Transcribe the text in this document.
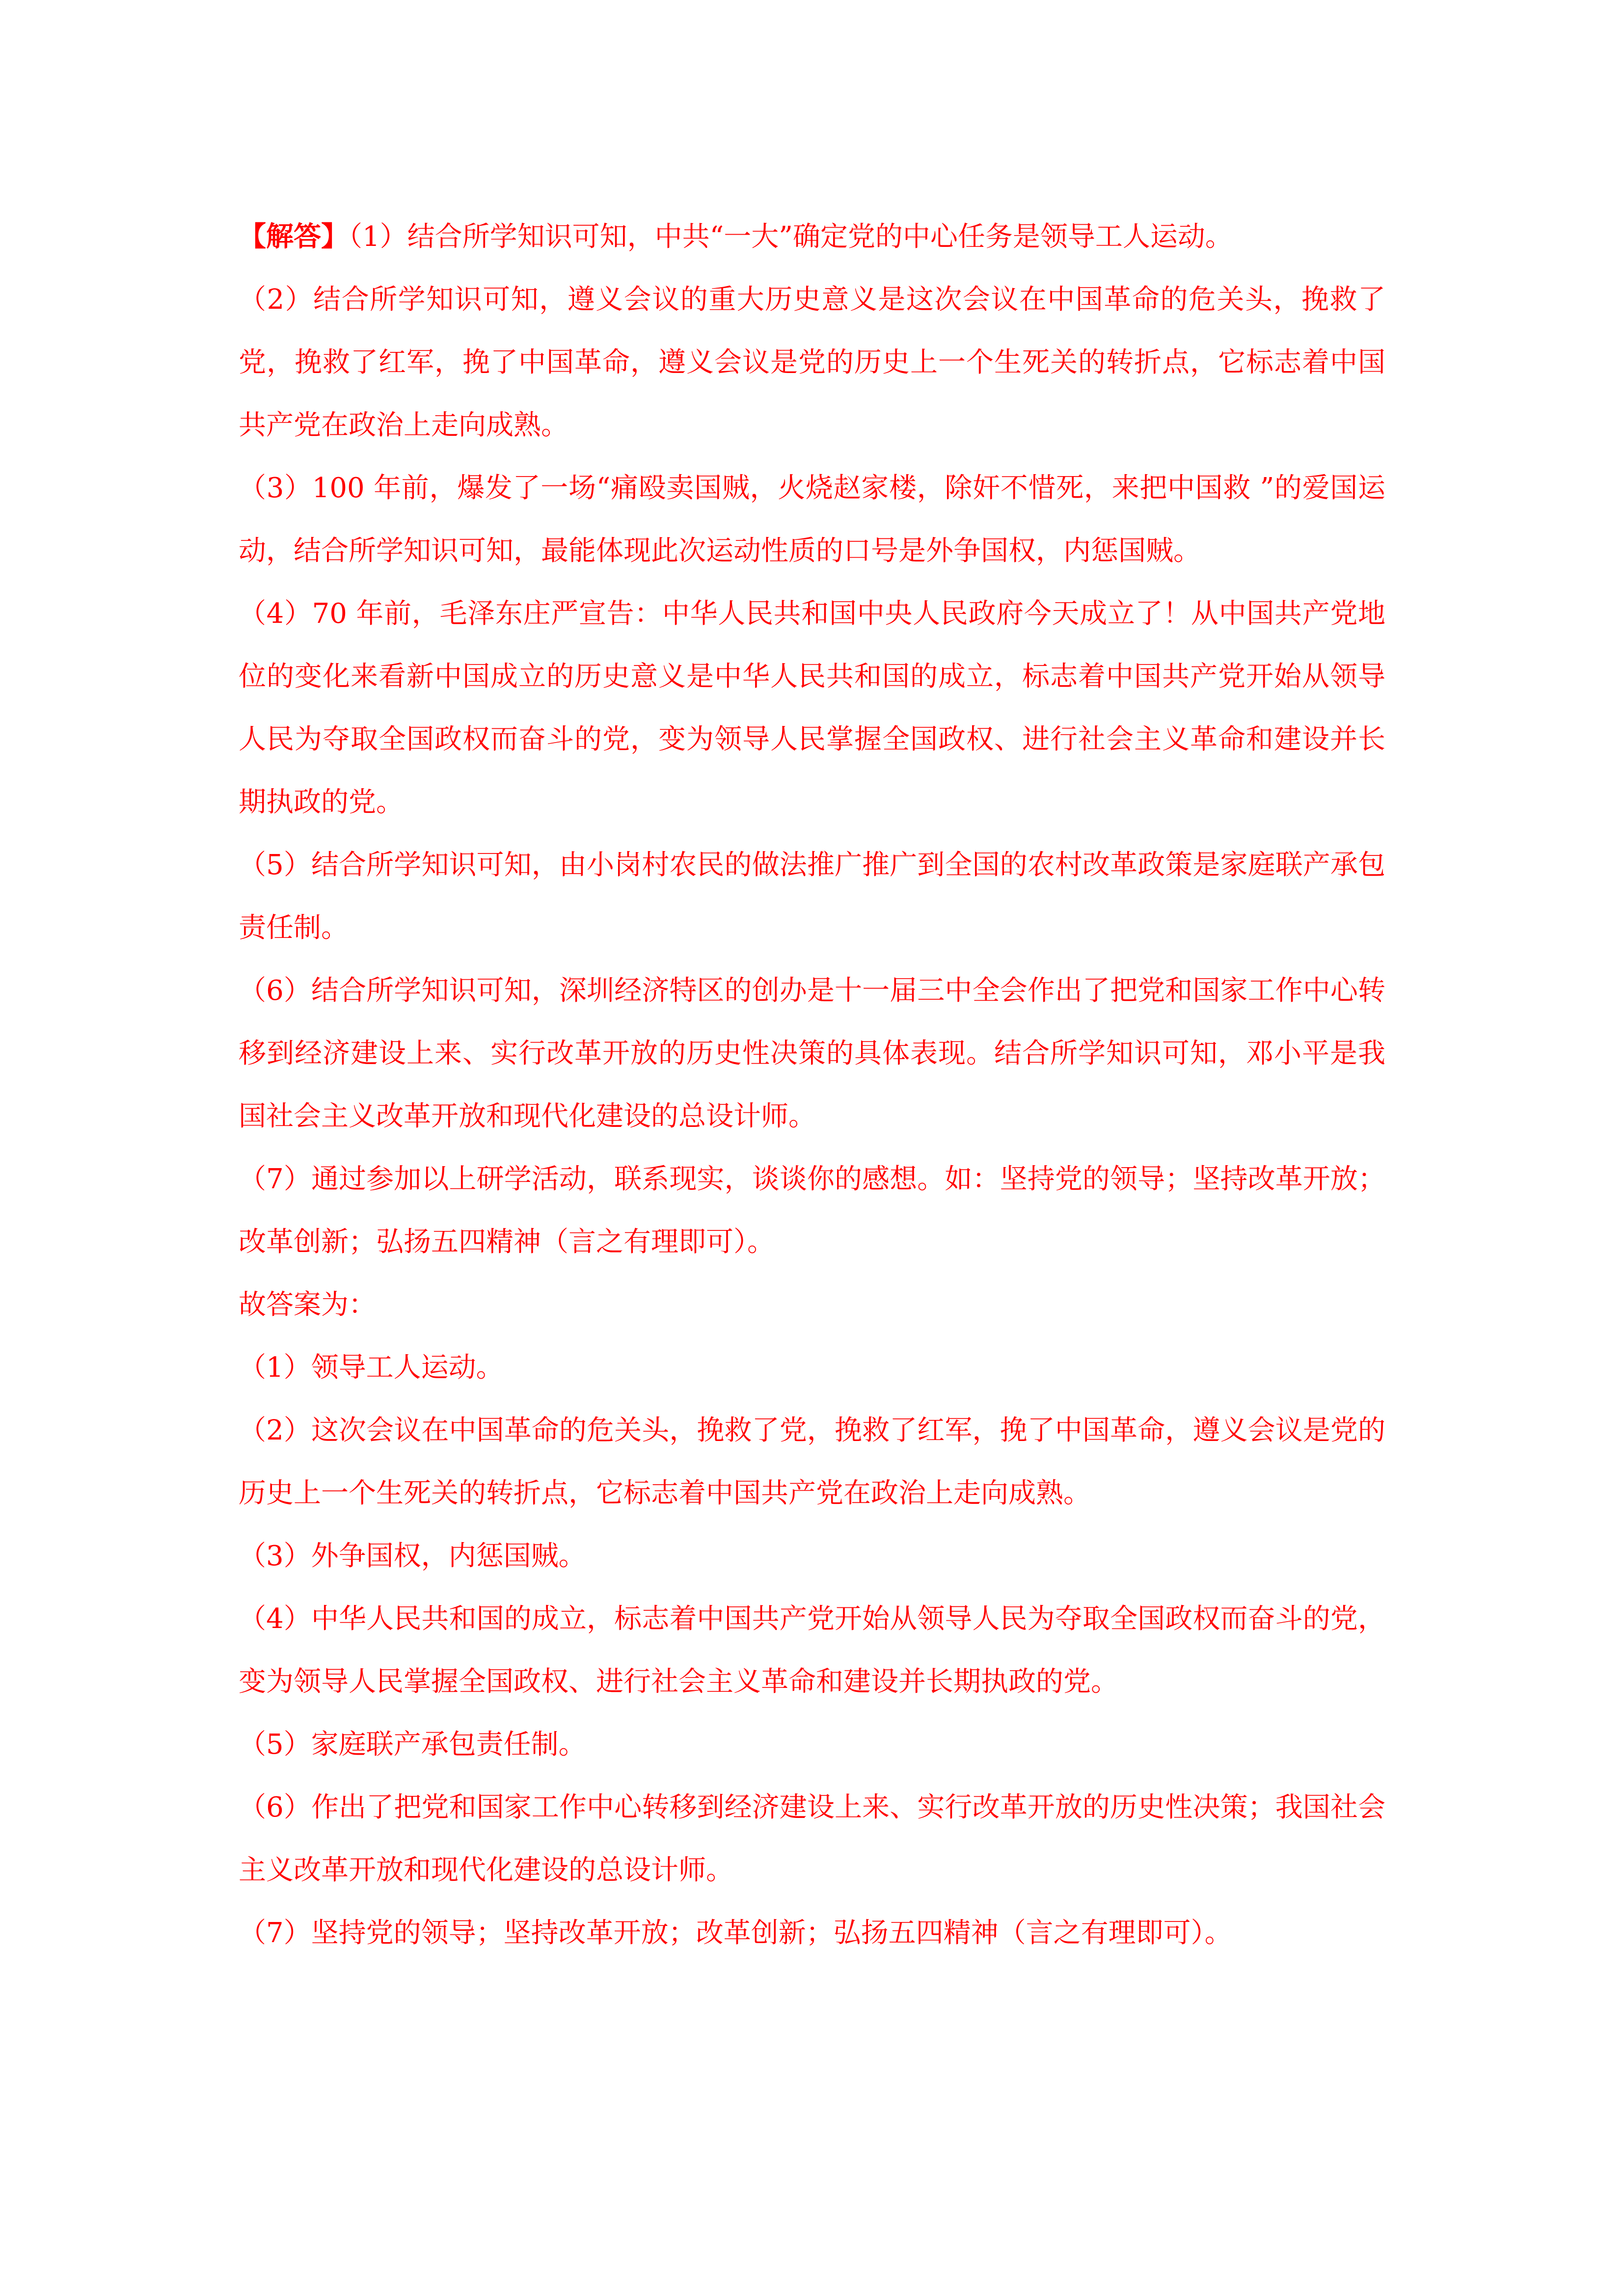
【解答】（1）结合所学知识可知，中共“一大”确定党的中心任务是领导工人运动。

（2）结合所学知识可知，遵义会议的重大历史意义是这次会议在中国革命的危关头，挽救了党，挽救了红军，挽了中国革命，遵义会议是党的历史上一个生死关的转折点，它标志着中国共产党在政治上走向成熟。

（3）100 年前，爆发了一场“痛殴卖国贼，火烧赵家楼，除奸不惜死，来把中国救 ”的爱国运动，结合所学知识可知，最能体现此次运动性质的口号是外争国权，内惩国贼。

（4）70 年前，毛泽东庄严宣告：中华人民共和国中央人民政府今天成立了！从中国共产党地位的变化来看新中国成立的历史意义是中华人民共和国的成立，标志着中国共产党开始从领导人民为夺取全国政权而奋斗的党，变为领导人民掌握全国政权、进行社会主义革命和建设并长期执政的党。

（5）结合所学知识可知，由小岗村农民的做法推广推广到全国的农村改革政策是家庭联产承包责任制。

（6）结合所学知识可知，深圳经济特区的创办是十一届三中全会作出了把党和国家工作中心转移到经济建设上来、实行改革开放的历史性决策的具体表现。结合所学知识可知，邓小平是我国社会主义改革开放和现代化建设的总设计师。

（7）通过参加以上研学活动，联系现实，谈谈你的感想。如：坚持党的领导；坚持改革开放；改革创新；弘扬五四精神（言之有理即可）。

故答案为：

（1）领导工人运动。

（2）这次会议在中国革命的危关头，挽救了党，挽救了红军，挽了中国革命，遵义会议是党的历史上一个生死关的转折点，它标志着中国共产党在政治上走向成熟。

（3）外争国权，内惩国贼。

（4）中华人民共和国的成立，标志着中国共产党开始从领导人民为夺取全国政权而奋斗的党，变为领导人民掌握全国政权、进行社会主义革命和建设并长期执政的党。

（5）家庭联产承包责任制。

（6）作出了把党和国家工作中心转移到经济建设上来、实行改革开放的历史性决策；我国社会主义改革开放和现代化建设的总设计师。

（7）坚持党的领导；坚持改革开放；改革创新；弘扬五四精神（言之有理即可）。
